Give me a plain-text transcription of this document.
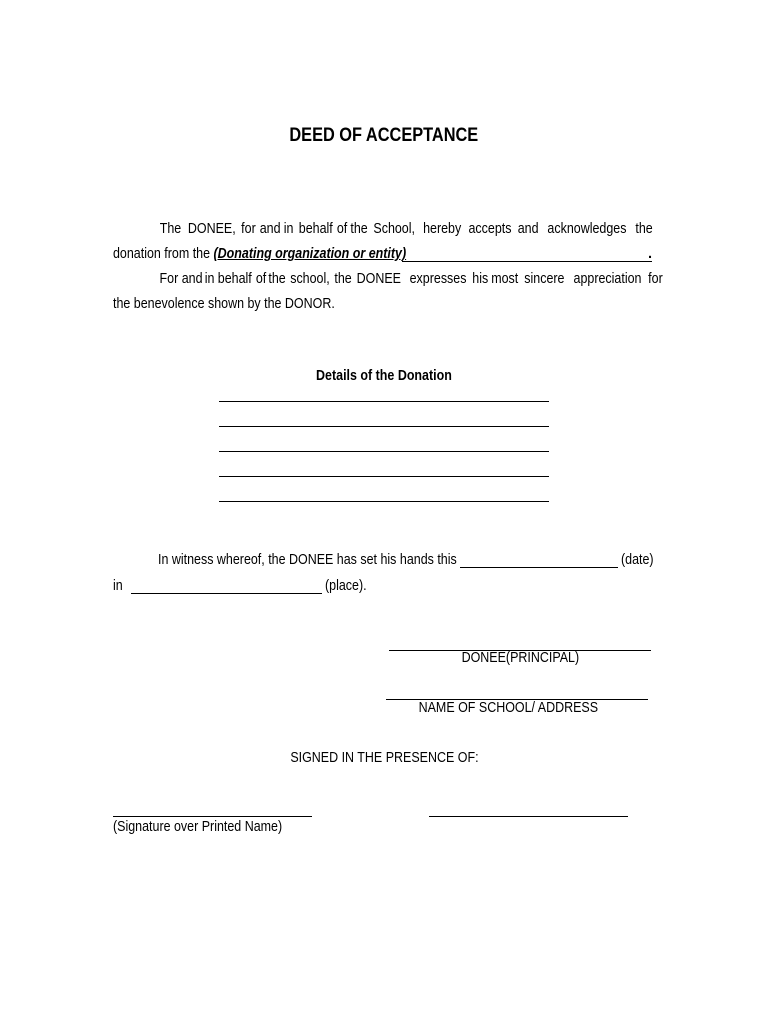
DEED OF ACCEPTANCE
The DONEE, for and in behalf of the School, hereby accepts and acknowledges the
donation from the (Donating organization or entity)	.
For and in behalf of the school, the DONEE expresses his most sincere appreciation for
the benevolence shown by the DONOR.
Details of the Donation
In witness whereof, the DONEE has set his hands this	(date)
in	(place).
DONEE(PRINCIPAL)
NAME OF SCHOOL/ ADDRESS
SIGNED IN THE PRESENCE OF:
(Signature over Printed Name)
